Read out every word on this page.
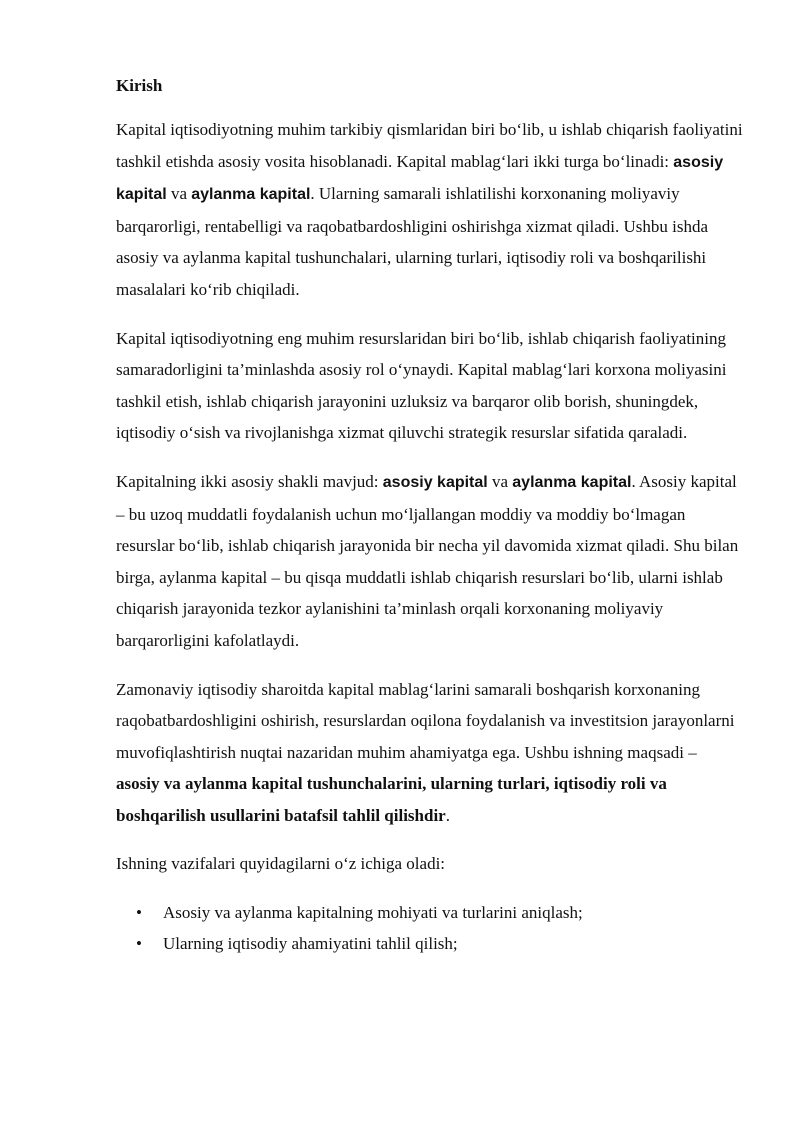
Kirish

Kapital iqtisodiyotning muhim tarkibiy qismlaridan biri bo‘lib, u ishlab chiqarish faoliyatini tashkil etishda asosiy vosita hisoblanadi. Kapital mablag‘lari ikki turga bo‘linadi: asosiy kapital va aylanma kapital. Ularning samarali ishlatilishi korxonaning moliyaviy barqarorligi, rentabelligi va raqobatbardoshligini oshirishga xizmat qiladi. Ushbu ishda asosiy va aylanma kapital tushunchalari, ularning turlari, iqtisodiy roli va boshqarilishi masalalari ko‘rib chiqiladi.

Kapital iqtisodiyotning eng muhim resurslaridan biri bo‘lib, ishlab chiqarish faoliyatining samaradorligini ta’minlashda asosiy rol o‘ynaydi. Kapital mablag‘lari korxona moliyasini tashkil etish, ishlab chiqarish jarayonini uzluksiz va barqaror olib borish, shuningdek, iqtisodiy o‘sish va rivojlanishga xizmat qiluvchi strategik resurslar sifatida qaraladi.

Kapitalning ikki asosiy shakli mavjud: asosiy kapital va aylanma kapital. Asosiy kapital – bu uzoq muddatli foydalanish uchun mo‘ljallangan moddiy va moddiy bo‘lmagan resurslar bo‘lib, ishlab chiqarish jarayonida bir necha yil davomida xizmat qiladi. Shu bilan birga, aylanma kapital – bu qisqa muddatli ishlab chiqarish resurslari bo‘lib, ularni ishlab chiqarish jarayonida tezkor aylanishini ta’minlash orqali korxonaning moliyaviy barqarorligini kafolatlaydi.

Zamonaviy iqtisodiy sharoitda kapital mablag‘larini samarali boshqarish korxonaning raqobatbardoshligini oshirish, resurslardan oqilona foydalanish va investitsion jarayonlarni muvofiqlashtirish nuqtai nazaridan muhim ahamiyatga ega. Ushbu ishning maqsadi – asosiy va aylanma kapital tushunchalarini, ularning turlari, iqtisodiy roli va boshqarilish usullarini batafsil tahlil qilishdir.

Ishning vazifalari quyidagilarni o‘z ichiga oladi:

• Asosiy va aylanma kapitalning mohiyati va turlarini aniqlash;
• Ularning iqtisodiy ahamiyatini tahlil qilish;
